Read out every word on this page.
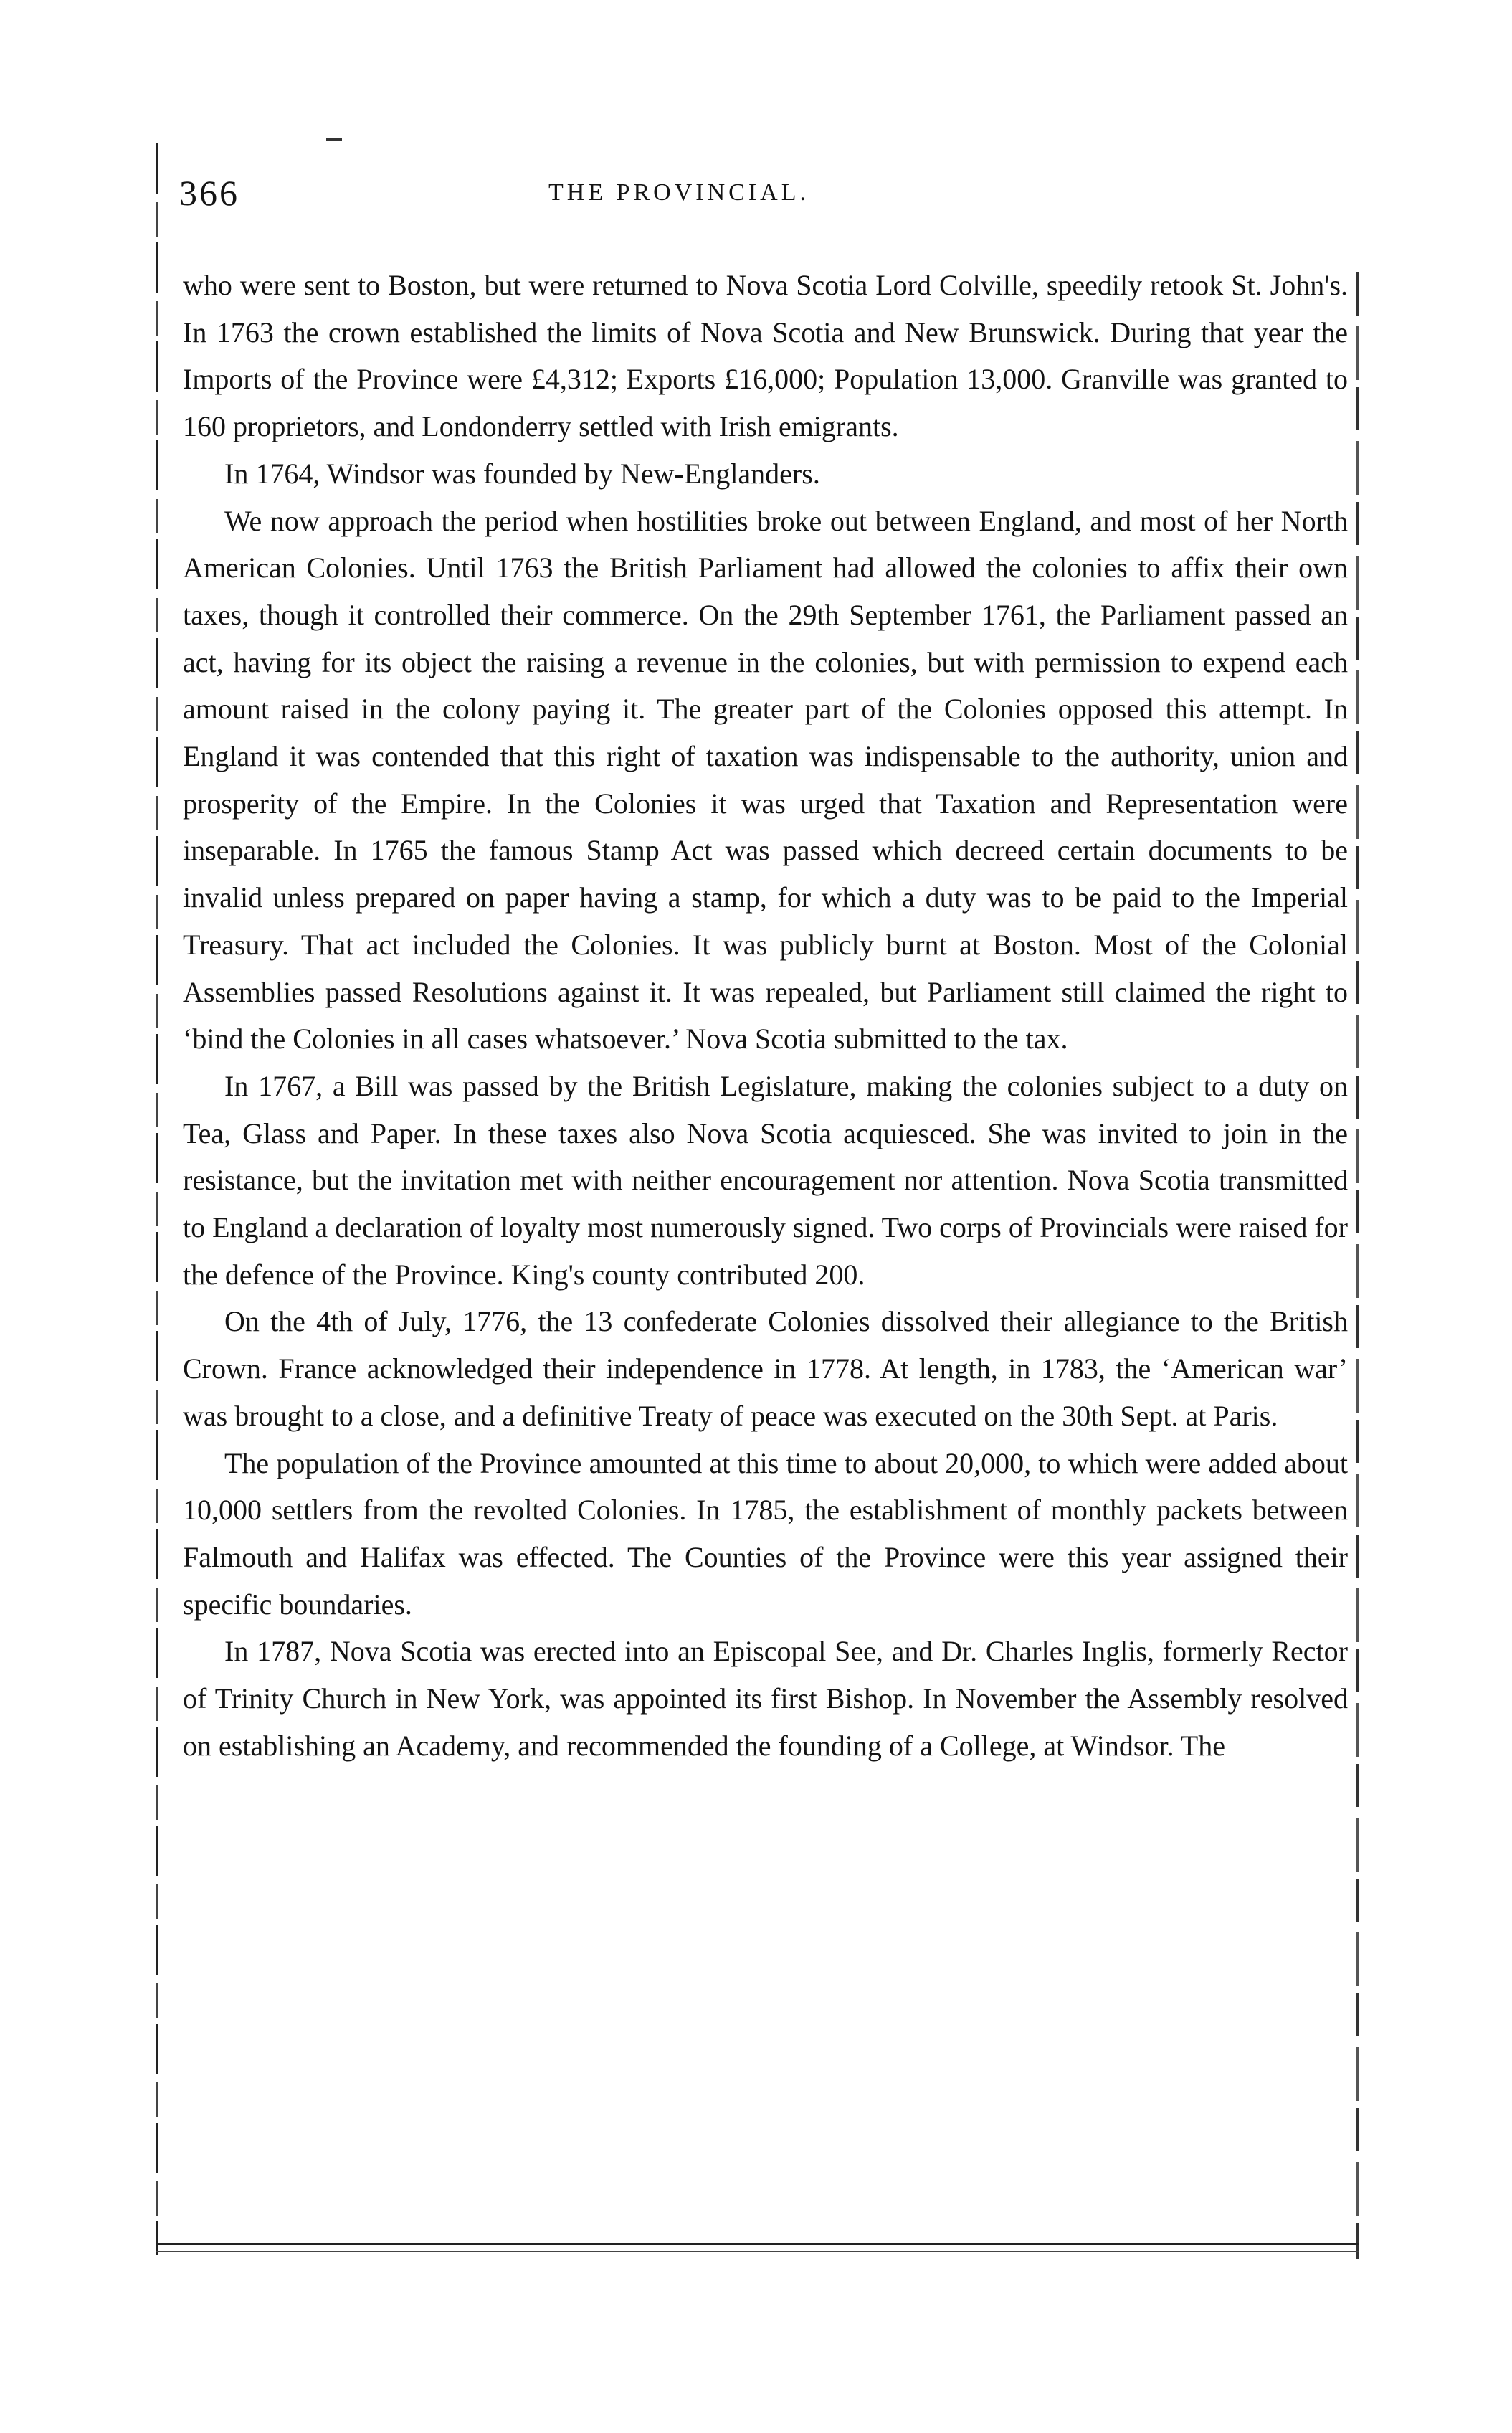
366	THE PROVINCIAL.

who were sent to Boston, but were returned to Nova Scotia Lord Colville, speedily retook St. John's. In 1763 the crown established the limits of Nova Scotia and New Brunswick. During that year the Imports of the Province were £4,312; Exports £16,000; Population 13,000. Granville was granted to 160 proprietors, and Londonderry settled with Irish emigrants.

In 1764, Windsor was founded by New-Englanders.

We now approach the period when hostilities broke out between England, and most of her North American Colonies. Until 1763 the British Parliament had allowed the colonies to affix their own taxes, though it controlled their commerce. On the 29th September 1761, the Parliament passed an act, having for its object the raising a revenue in the colonies, but with permission to expend each amount raised in the colony paying it. The greater part of the Colonies opposed this attempt. In England it was contended that this right of taxation was indispensable to the authority, union and prosperity of the Empire. In the Colonies it was urged that Taxation and Representation were inseparable. In 1765 the famous Stamp Act was passed which decreed certain documents to be invalid unless prepared on paper having a stamp, for which a duty was to be paid to the Imperial Treasury. That act included the Colonies. It was publicly burnt at Boston. Most of the Colonial Assemblies passed Resolutions against it. It was repealed, but Parliament still claimed the right to ‘bind the Colonies in all cases whatsoever.’ Nova Scotia submitted to the tax.

In 1767, a Bill was passed by the British Legislature, making the colonies subject to a duty on Tea, Glass and Paper. In these taxes also Nova Scotia acquiesced. She was invited to join in the resistance, but the invitation met with neither encouragement nor attention. Nova Scotia transmitted to England a declaration of loyalty most numerously signed. Two corps of Provincials were raised for the defence of the Province. King's county contributed 200.

On the 4th of July, 1776, the 13 confederate Colonies dissolved their allegiance to the British Crown. France acknowledged their independence in 1778. At length, in 1783, the ‘American war’ was brought to a close, and a definitive Treaty of peace was executed on the 30th Sept. at Paris.

The population of the Province amounted at this time to about 20,000, to which were added about 10,000 settlers from the revolted Colonies. In 1785, the establishment of monthly packets between Falmouth and Halifax was effected. The Counties of the Province were this year assigned their specific boundaries.

In 1787, Nova Scotia was erected into an Episcopal See, and Dr. Charles Inglis, formerly Rector of Trinity Church in New York, was appointed its first Bishop. In November the Assembly resolved on establishing an Academy, and recommended the founding of a College, at Windsor. The
